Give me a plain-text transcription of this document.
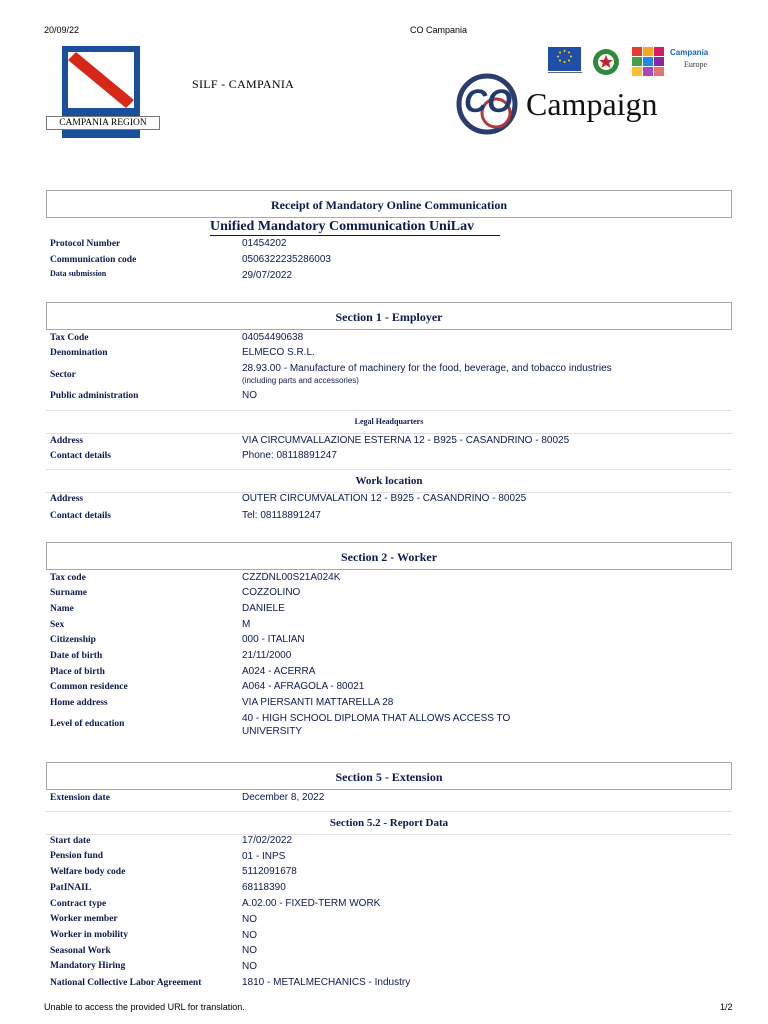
20/09/22	CO Campania
CAMPANIA REGION
SILF - CAMPANIA	CO Campaign
Campania
Europe
Receipt of Mandatory Online Communication
Unified Mandatory Communication UniLav
Protocol Number	01454202
Communication code	0506322235286003
Data submission	29/07/2022
Section 1 - Employer
Tax Code	04054490638
Denomination	ELMECO S.R.L.
Sector
28.93.00 - Manufacture of machinery for the food, beverage, and tobacco industries
(including parts and accessories)
Public administration	NO
Legal Headquarters
Address	VIA CIRCUMVALLAZIONE ESTERNA 12 - B925 - CASANDRINO - 80025
Contact details	Phone: 08118891247
Work location
Address	OUTER CIRCUMVALATION 12 - B925 - CASANDRINO - 80025
Contact details	Tel: 08118891247
Section 2 - Worker
Tax code	CZZDNL00S21A024K
Surname	COZZOLINO
Name	DANIELE
Sex	M
Citizenship	000 - ITALIAN
Date of birth	21/11/2000
Place of birth	A024 - ACERRA
Common residence	A064 - AFRAGOLA - 80021
Home address	VIA PIERSANTI MATTARELLA 28
Level of education	40 - HIGH SCHOOL DIPLOMA THAT ALLOWS ACCESS TO
UNIVERSITY
Section 5 - Extension
Extension date	December 8, 2022
Section 5.2 - Report Data
Start date	17/02/2022
Pension fund	01 - INPS
Welfare body code	5112091678
PatINAIL	68118390
Contract type	A.02.00 - FIXED-TERM WORK
Worker member	NO
Worker in mobility	NO
Seasonal Work	NO
Mandatory Hiring	NO
National Collective Labor Agreement	1810 - METALMECHANICS - Industry
Unable to access the provided URL for translation.	1/2
